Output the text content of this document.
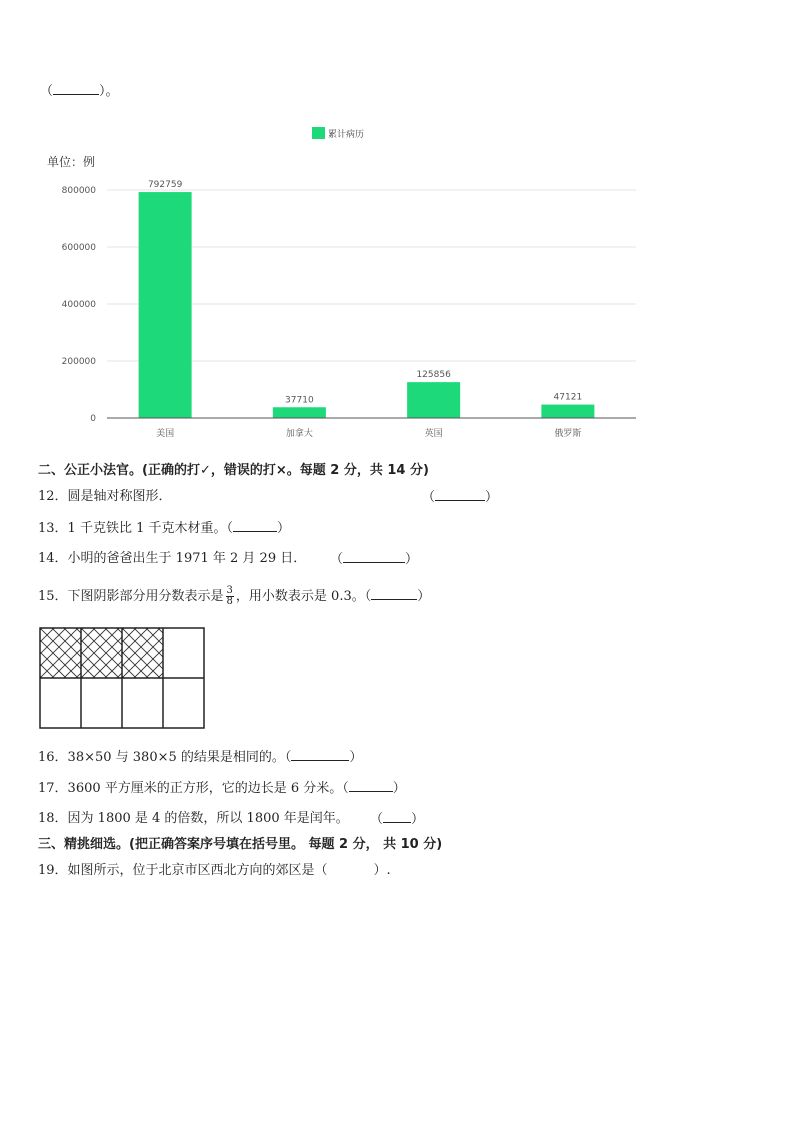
（	）。
累计病历
单位：例
0
200000
400000
600000
800000
792759
37710
125856
47121
美国	加拿大	英国	俄罗斯
二、公正小法官。(正确的打✓，错误的打×。每题 2 分，共 14 分)
12．圆是轴对称图形．	（	）
13．1 千克铁比 1 千克木材重。（	）
14．小明的爸爸出生于 1971 年 2 月 29 日． （	）
15．下图阴影部分用分数表示是 $\frac{3}{8}$ ，用小数表示是 0.3。（	）
16．38×50 与 380×5 的结果是相同的。（	）
17．3600 平方厘米的正方形，它的边长是 6 分米。（	）
18．因为 1800 是 4 的倍数，所以 1800 年是闰年。 （ ）
三、精挑细选。(把正确答案序号填在括号里。 每题 2 分， 共 10 分)
19．如图所示，位于北京市区西北方向的郊区是（	）.
